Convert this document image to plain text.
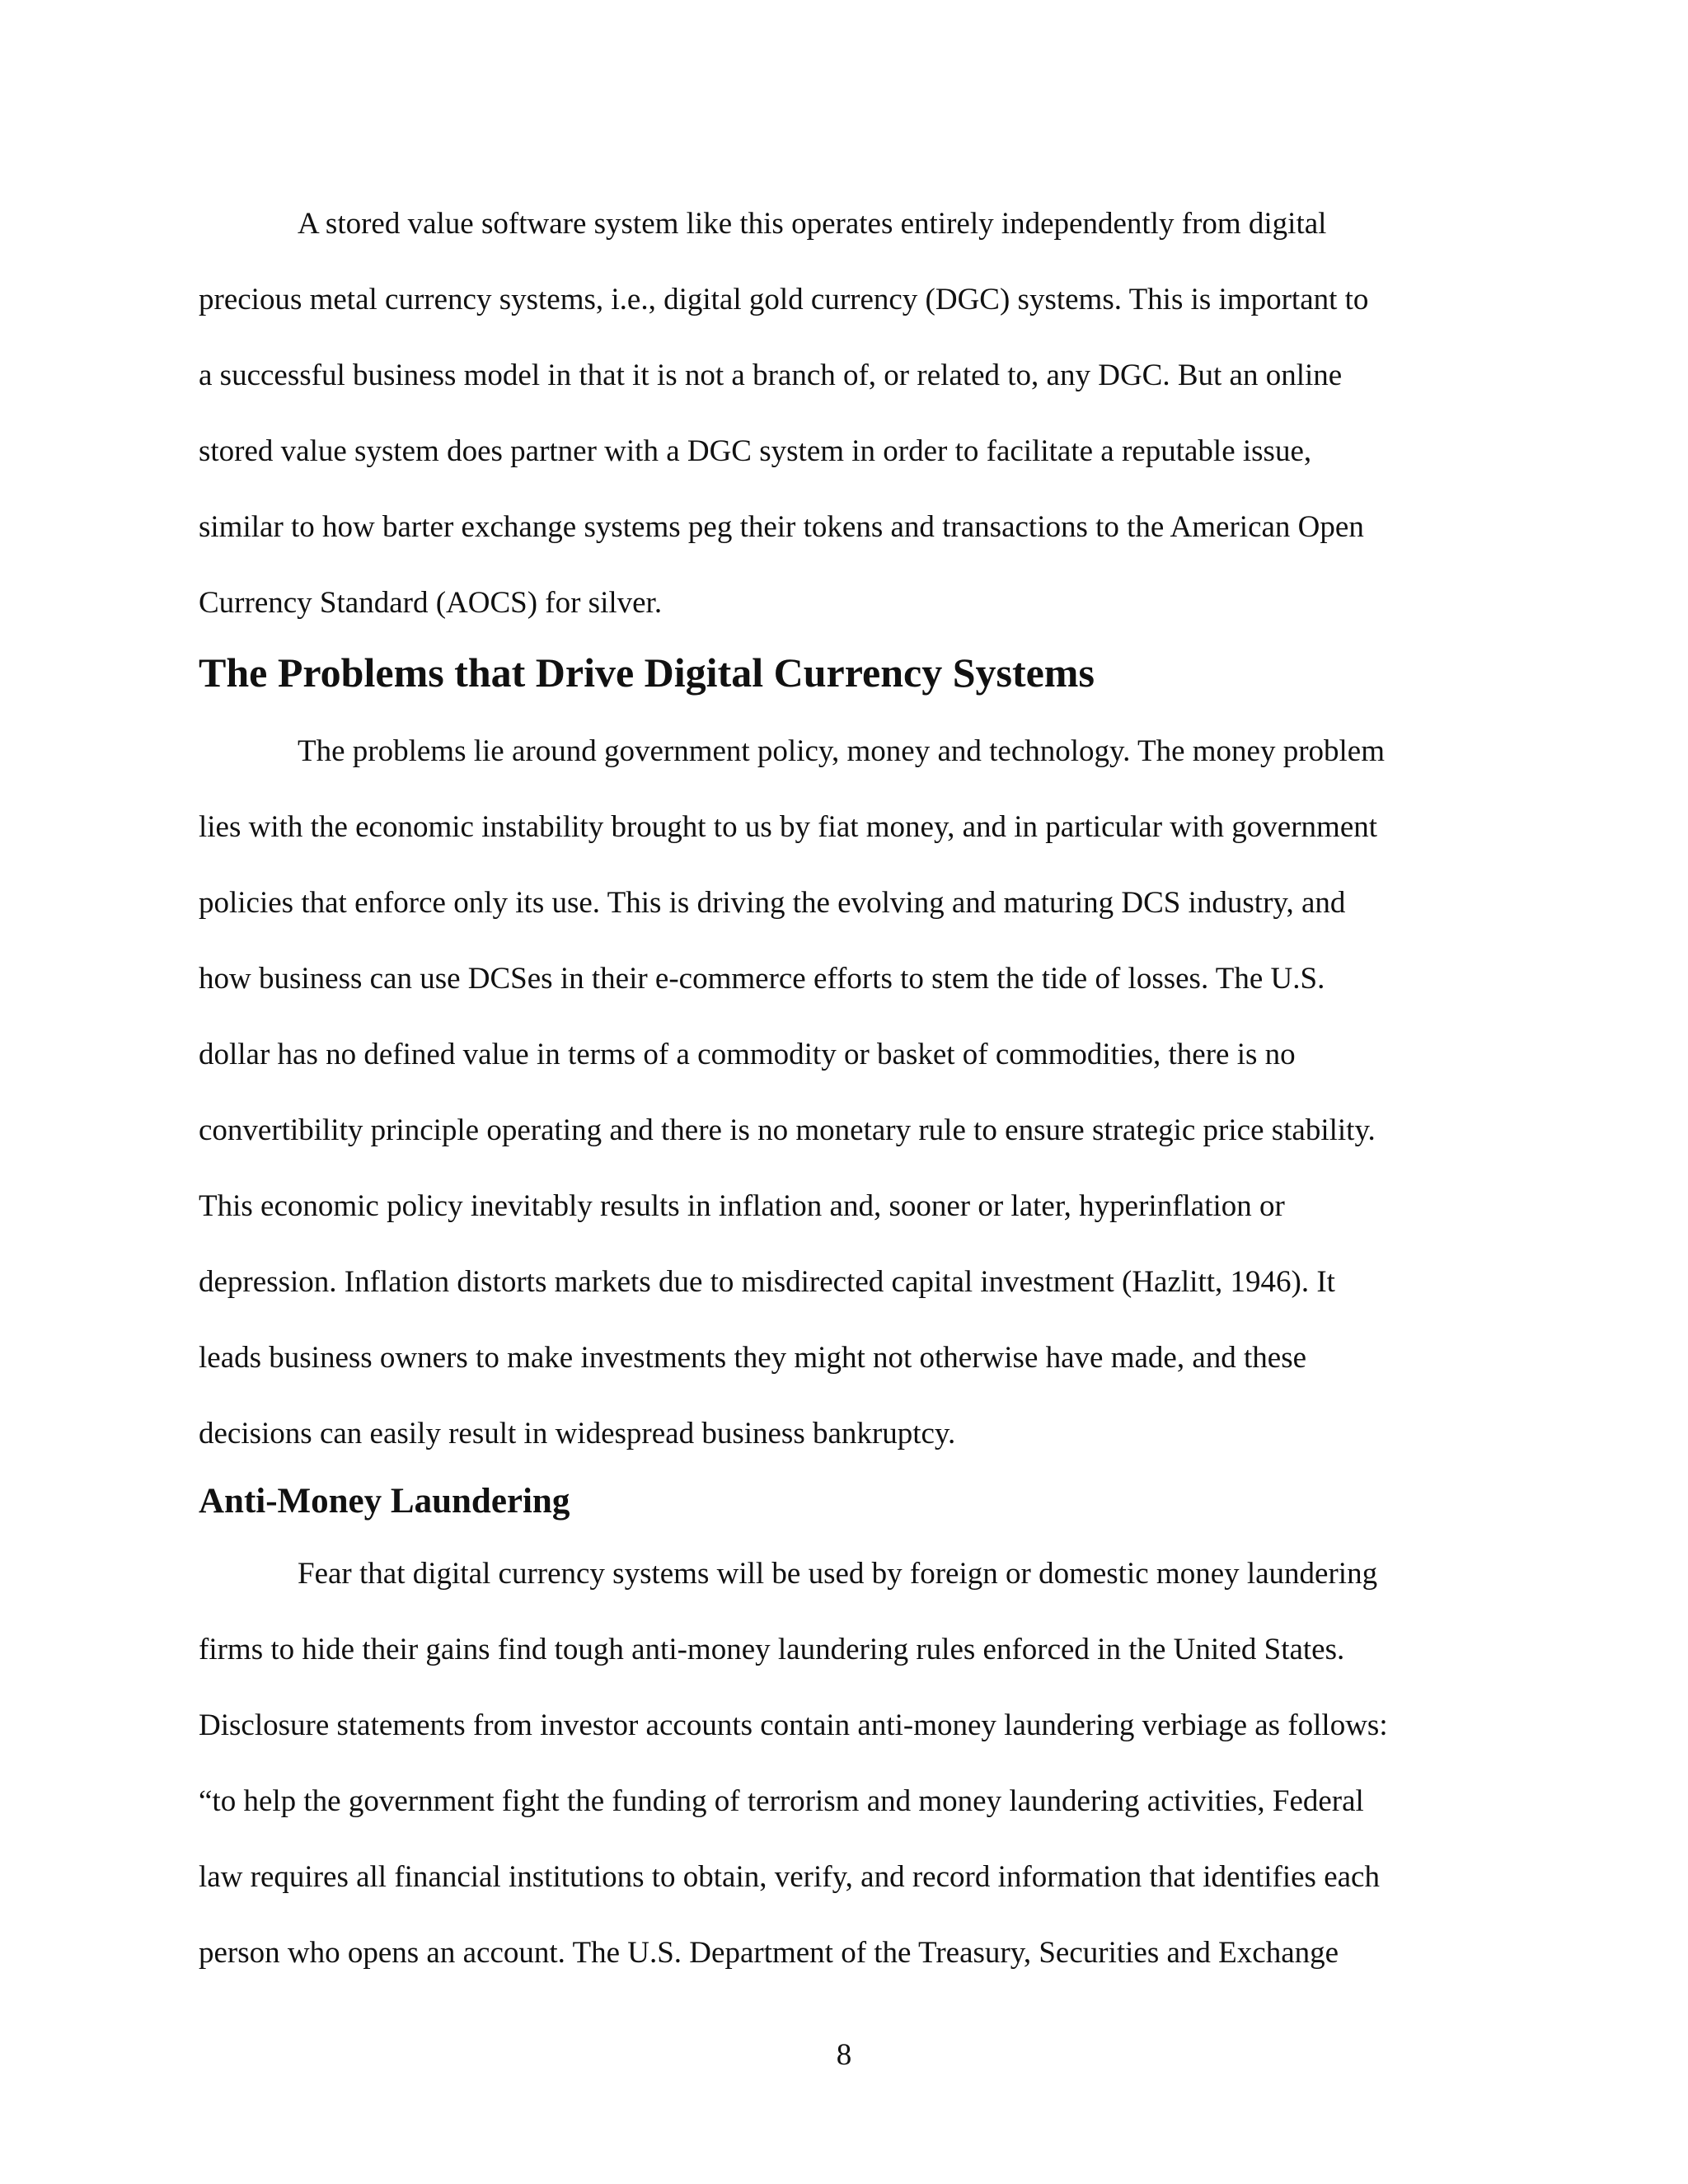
A stored value software system like this operates entirely independently from digital
precious metal currency systems, i.e., digital gold currency (DGC) systems. This is important to
a successful business model in that it is not a branch of, or related to, any DGC. But an online
stored value system does partner with a DGC system in order to facilitate a reputable issue,
similar to how barter exchange systems peg their tokens and transactions to the American Open
Currency Standard (AOCS) for silver.
The Problems that Drive Digital Currency Systems
The problems lie around government policy, money and technology. The money problem
lies with the economic instability brought to us by fiat money, and in particular with government
policies that enforce only its use. This is driving the evolving and maturing DCS industry, and
how business can use DCSes in their e-commerce efforts to stem the tide of losses. The U.S.
dollar has no defined value in terms of a commodity or basket of commodities, there is no
convertibility principle operating and there is no monetary rule to ensure strategic price stability.
This economic policy inevitably results in inflation and, sooner or later, hyperinflation or
depression. Inflation distorts markets due to misdirected capital investment (Hazlitt, 1946). It
leads business owners to make investments they might not otherwise have made, and these
decisions can easily result in widespread business bankruptcy.
Anti-Money Laundering
Fear that digital currency systems will be used by foreign or domestic money laundering
firms to hide their gains find tough anti-money laundering rules enforced in the United States.
Disclosure statements from investor accounts contain anti-money laundering verbiage as follows:
“to help the government fight the funding of terrorism and money laundering activities, Federal
law requires all financial institutions to obtain, verify, and record information that identifies each
person who opens an account. The U.S. Department of the Treasury, Securities and Exchange
8
